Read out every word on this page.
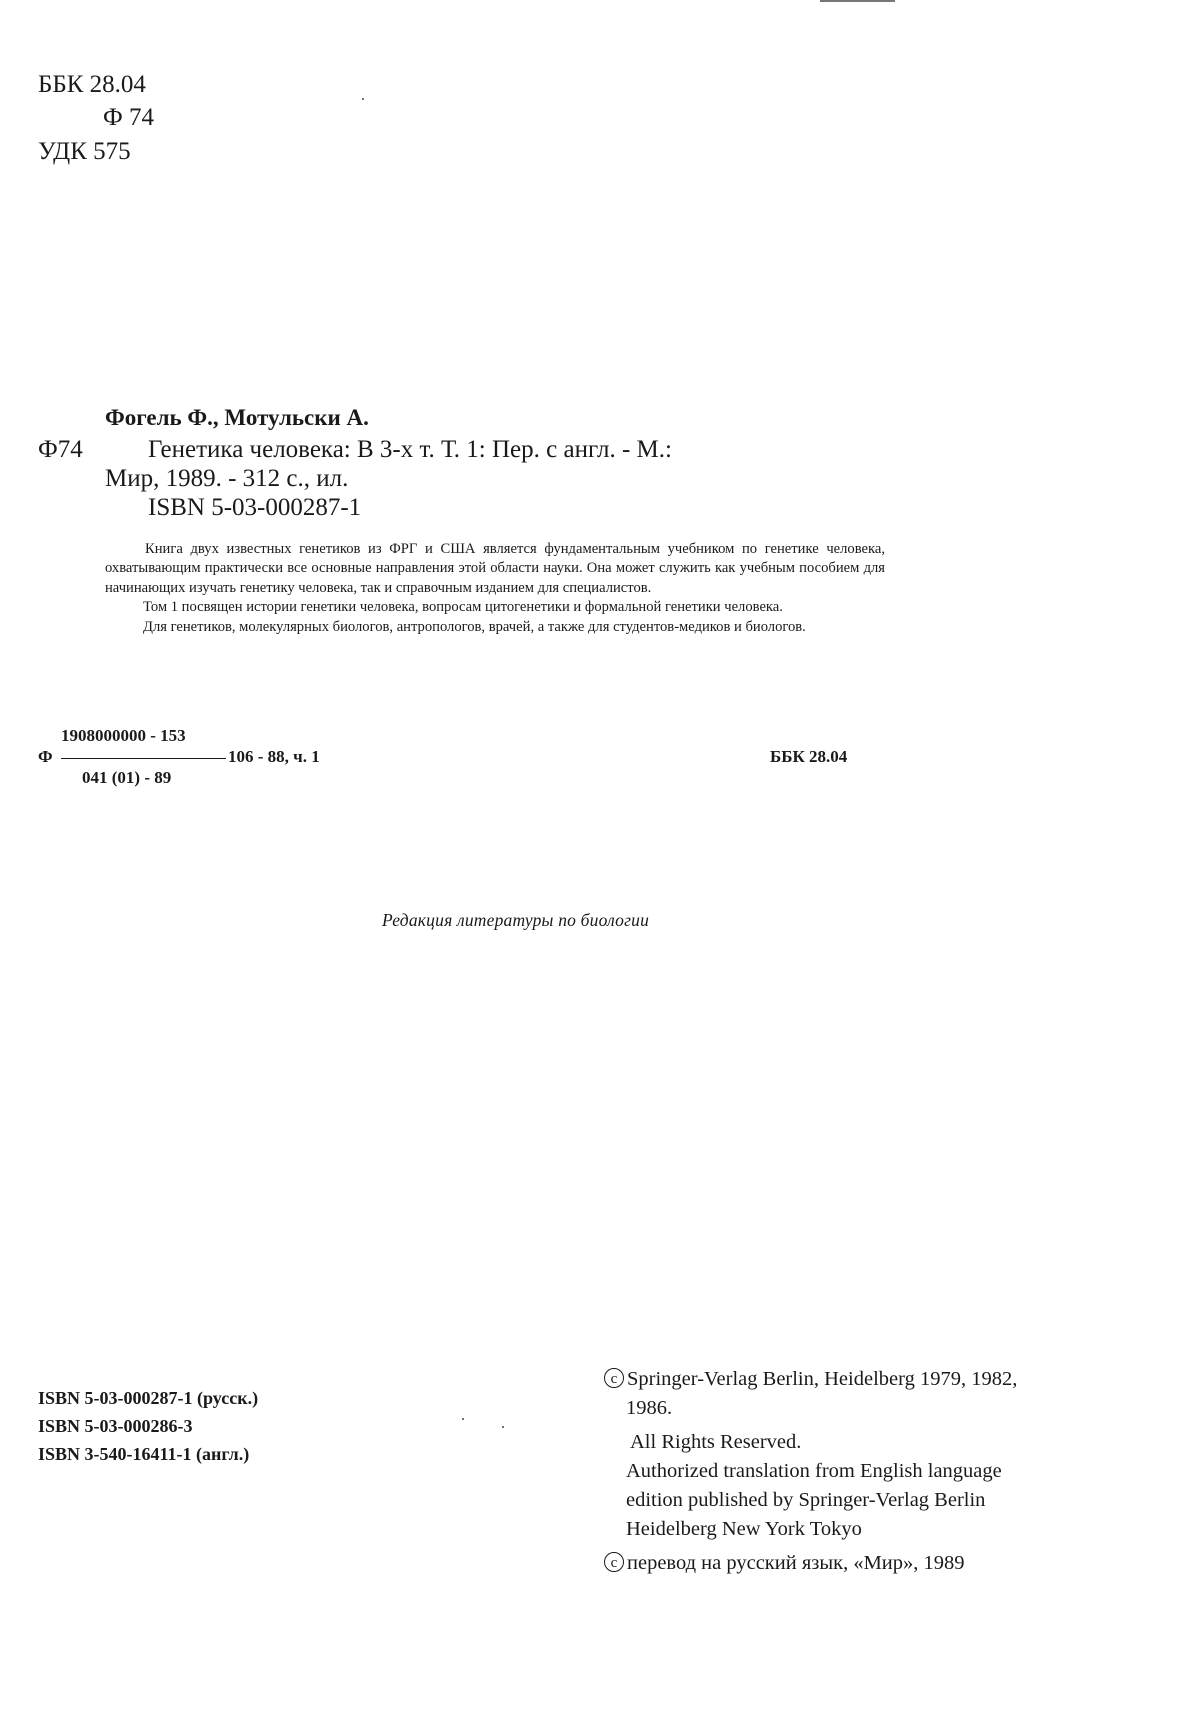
ББК 28.04
Ф 74
УДК 575
Фогель Ф., Мотульски А.
Ф74	Генетика человека: В 3-х т. Т. 1: Пер. с англ. - М.:
Мир, 1989. - 312 с., ил.
ISBN 5-03-000287-1

Книга двух известных генетиков из ФРГ и США является фундаментальным учебником по генетике человека, охватывающим практически все основные направления этой области науки. Она может служить как учебным пособием для начинающих изучать генетику человека, так и справочным изданием для специалистов.

Том 1 посвящен истории генетики человека, вопросам цитогенетики и формальной генетики человека.

Для генетиков, молекулярных биологов, антропологов, врачей, а также для студентов-медиков и биологов.

1908000000 - 153
Ф	106 - 88, ч. 1
041 (01) - 89
ББК 28.04
Редакция литературы по биологии
ISBN 5-03-000287-1 (русск.)
ISBN 5-03-000286-3
ISBN 3-540-16411-1 (англ.)
c Springer-Verlag Berlin, Heidelberg 1979, 1982,
1986.
All Rights Reserved.
Authorized translation from English language
edition published by Springer-Verlag Berlin
Heidelberg New York Tokyo
c перевод на русский язык, «Мир», 1989
